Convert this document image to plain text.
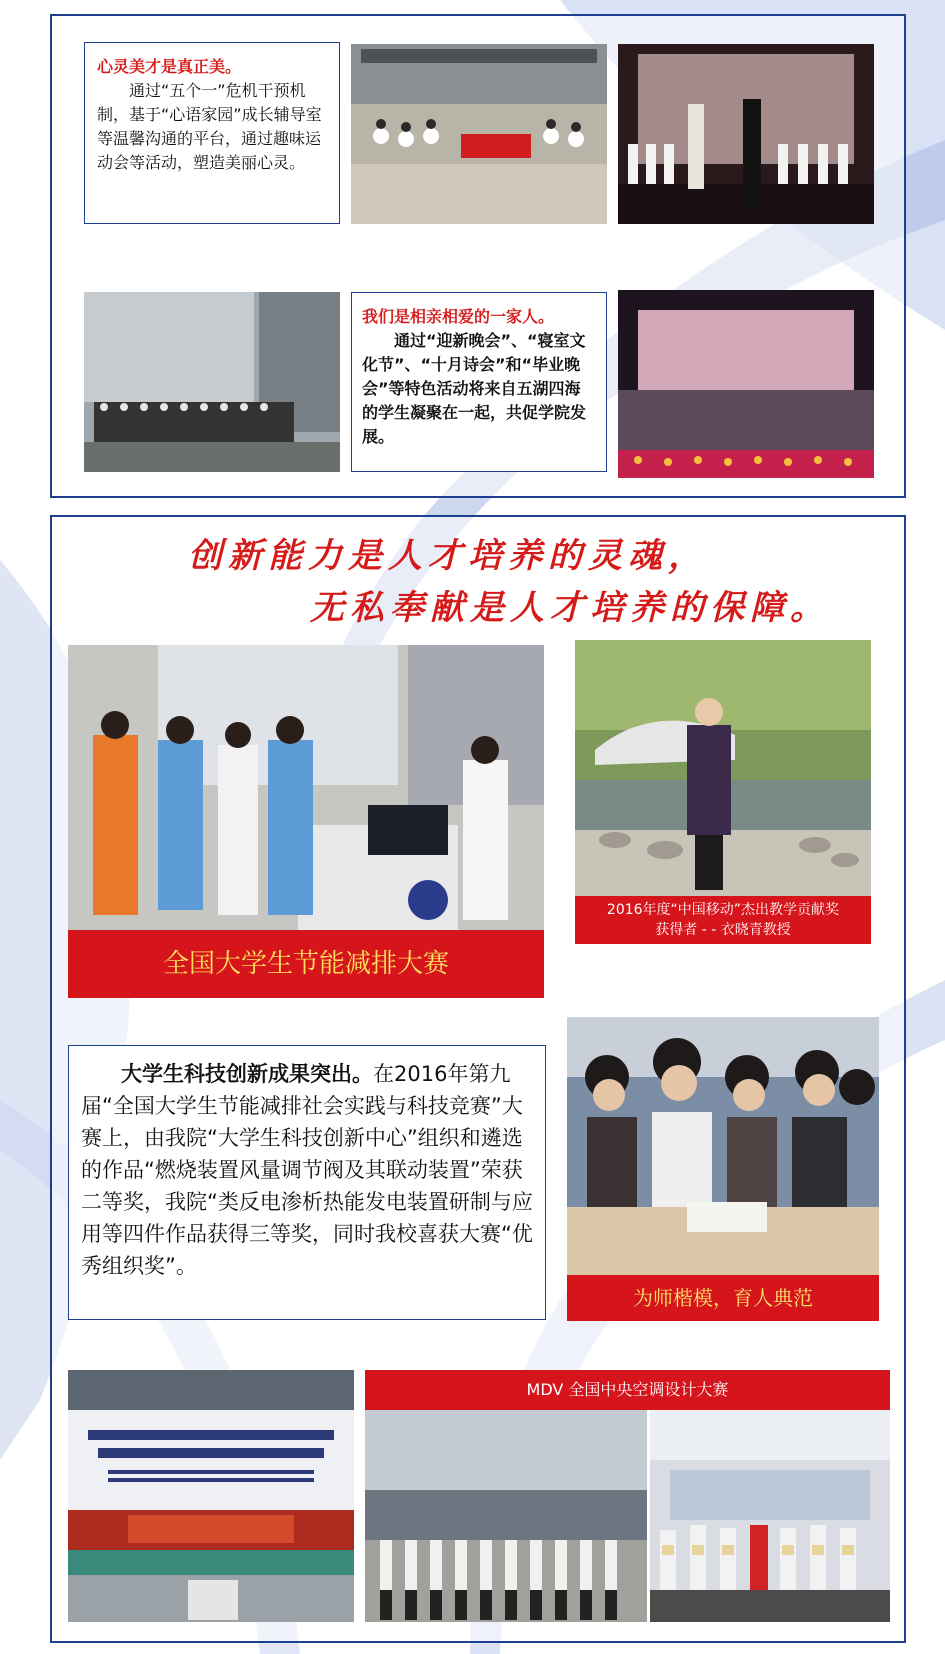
心灵美才是真正美。

通过“五个一”危机干预机制，基于“心语家园”成长辅导室等温馨沟通的平台，通过趣味运动会等活动，塑造美丽心灵。
我们是相亲相爱的一家人。

通过“迎新晚会”、“寝室文化节”、“十月诗会”和“毕业晚会”等特色活动将来自五湖四海的学生凝聚在一起，共促学院发展。
创新能力是人才培养的灵魂，
无私奉献是人才培养的保障。
全国大学生节能减排大赛
2016年度“中国移动”杰出教学贡献奖
获得者 - - 衣晓青教授
大学生科技创新成果突出。在2016年第九届“全国大学生节能减排社会实践与科技竞赛”大赛上，由我院“大学生科技创新中心”组织和遴选的作品“燃烧装置风量调节阀及其联动装置”荣获二等奖，我院“类反电渗析热能发电装置研制与应用等四件作品获得三等奖，同时我校喜获大赛“优秀组织奖”。
为师楷模，育人典范
MDV 全国中央空调设计大赛
